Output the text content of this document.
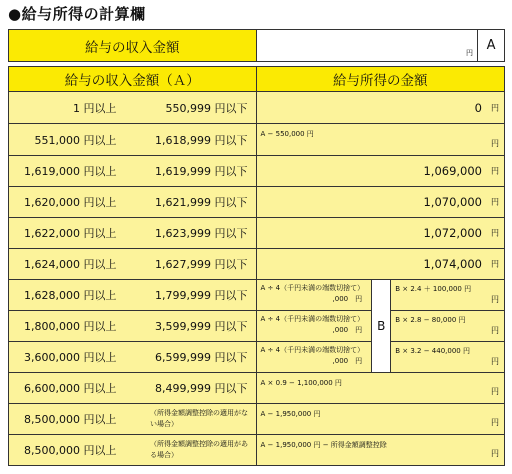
●給与所得の計算欄
給与の収入金額	円	A
給与の収入金額（Ａ）	給与所得の金額		

1 円以上 550,999 円以下	0 円		

551,000 円以上 1,618,999 円以下	A − 550,000 円
円		

1,619,000 円以上 1,619,999 円以下	1,069,000 円		

1,620,000 円以上 1,621,999 円以下	1,070,000 円		

1,622,000 円以上 1,623,999 円以下	1,072,000 円		

1,624,000 円以上 1,627,999 円以下	1,074,000 円		

1,628,000 円以上 1,799,999 円以下	A ÷ 4（千円未満の端数切捨て）
,000　円	B	B × 2.4 ＋ 100,000 円
円

1,800,000 円以上 3,599,999 円以下	A ÷ 4（千円未満の端数切捨て）
,000　円		B × 2.8 − 80,000 円
円

3,600,000 円以上 6,599,999 円以下	A ÷ 4（千円未満の端数切捨て）
,000　円		B × 3.2 − 440,000 円
円

6,600,000 円以上 8,499,999 円以下	A × 0.9 − 1,100,000 円
円		

8,500,000 円以上 （所得金額調整控除の適用がない場合）	A − 1,950,000 円
円		

8,500,000 円以上 （所得金額調整控除の適用がある場合）	A − 1,950,000 円 − 所得金額調整控除
円		
